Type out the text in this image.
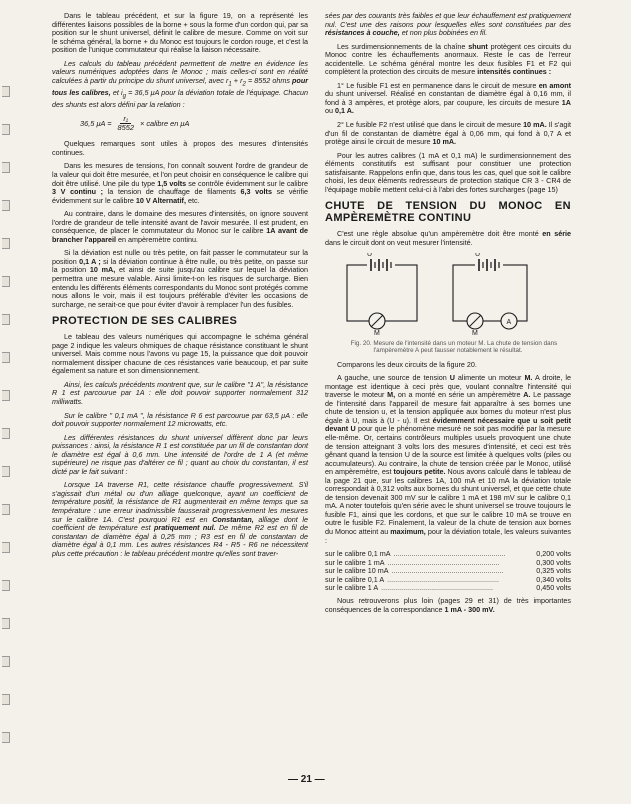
Dans le tableau précédent, et sur la figure 19, on a représenté les différentes liaisons possibles de la borne + sous la forme d'un cordon qui, par sa position sur le shunt universel, définit le calibre de mesure. Comme on voit sur le schéma général, la borne + du Monoc est toujours le cordon rouge, et c'est la position de l'unique commutateur qui réalise la liaison nécessaire.

Les calculs du tableau précédent permettent de mettre en évidence les valeurs numériques adoptées dans le Monoc ; mais celles-ci sont en réalité calculées à partir du principe du shunt universel, avec $r_1 + r_2 = 8552$ ohms pour tous les calibres, et $i_g = 36,5$ μA pour la déviation totale de l'équipage. Chacun des shunts est alors défini par la relation :

36,5 $\mu A = \frac{\text{r₁}}{8552}$ × calibre en μA

Quelques remarques sont utiles à propos des mesures d'intensités continues.

Dans les mesures de tensions, l'on connaît souvent l'ordre de grandeur de la valeur qui doit être mesurée, et l'on peut choisir en conséquence le calibre qui doit être utilisé. Une pile du type 1,5 volts se contrôle évidemment sur le calibre 3 V continu ; la tension de chauffage de filaments 6,3 volts se vérifie évidemment sur le calibre 10 V Alternatif, etc.

Au contraire, dans le domaine des mesures d'intensités, on ignore souvent l'ordre de grandeur de telle intensité avant de l'avoir mesurée. Il est prudent, en conséquence, de placer le commutateur du Monoc sur le calibre 1A avant de brancher l'appareil en ampèremètre continu.

Si la déviation est nulle ou très petite, on fait passer le commutateur sur la position 0,1 A ; si la déviation continue à être nulle, ou très petite, on passe sur la position 10 mA, et ainsi de suite jusqu'au calibre sur lequel la déviation permettra une mesure valable. Ainsi limite-t-on les risques de surcharge. Bien entendu les différents éléments correspondants du Monoc sont protégés comme nous allons le voir, mais il est toujours préférable d'éviter les occasions de surcharge, ne serait-ce que pour éviter d'avoir à remplacer l'un des fusibles.

PROTECTION DE SES CALIBRES

Le tableau des valeurs numériques qui accompagne le schéma général page 2 indique les valeurs ohmiques de chaque résistance constituant le shunt universel. Mais comme nous l'avons vu page 15, la puissance que doit pouvoir normalement dissiper chacune de ces résistances varie beaucoup, et par suite également sa nature et son dimensionnement.

Ainsi, les calculs précédents montrent que, sur le calibre "1 A", la résistance R 1 est parcourue par 1A : elle doit pouvoir supporter normalement 312 milliwatts.

Sur le calibre " 0,1 mA ", la résistance R 6 est parcourue par 63,5 μA : elle doit pouvoir supporter normalement 12 microwatts, etc.

Les différentes résistances du shunt universel diffèrent donc par leurs puissances : ainsi, la résistance R 1 est constituée par un fil de constantan dont le diamètre est égal à 0,6 mm. Une intensité de l'ordre de 1 A (et même supérieure) ne risque pas d'altérer ce fil ; quant au choix du constantan, il est dicté par le fait suivant :

Lorsque 1A traverse R1, cette résistance chauffe progressivement. S'il s'agissait d'un métal ou d'un alliage quelconque, ayant un coefficient de température positif, la résistance de R1 augmenterait en même temps que sa température : une erreur inadmissible fausserait progressivement les mesures sur le calibre 1A. C'est pourquoi R1 est en Constantan, alliage dont le coefficient de température est pratiquement nul. De même R2 est en fil de constantan de diamètre égal à 0,25 mm ; R3 est en fil de constantan de diamètre égal à 0,1 mm. Les autres résistances R4 - R5 - R6 ne nécessitent plus cette précaution : le tableau précédent montre qu'elles sont traver-

sées par des courants très faibles et que leur échauffement est pratiquement nul. C'est une des raisons pour lesquelles elles sont constituées par des résistances à couche, et non plus bobinées en fil.

Les surdimensionnements de la chaîne shunt protègent ces circuits du Monoc contre les échauffements anormaux. Reste le cas de l'erreur accidentelle. Le schéma général montre les deux fusibles F1 et F2 qui complètent la protection des circuits de mesure intensités continues :

1° Le fusible F1 est en permanence dans le circuit de mesure en amont du shunt universel. Réalisé en constantan de diamètre égal à 0,16 mm, il fond à 3 ampères, et protège alors, par coupure, les circuits de mesure 1A ou 0,1 A.

2° Le fusible F2 n'est utilisé que dans le circuit de mesure 10 mA. Il s'agit d'un fil de constantan de diamètre égal à 0,06 mm, qui fond à 0,7 A et protège ainsi le circuit de mesure 10 mA.

Pour les autres calibres (1 mA et 0,1 mA) le surdimensionnement des éléments constitutifs est suffisant pour constituer une protection satisfaisante. Rappelons enfin que, dans tous les cas, quel que soit le calibre choisi, les deux éléments redresseurs de protection statique CR 3 - CR4 de l'équipage mobile mettent celui-ci à l'abri des fortes surcharges (page 15)

CHUTE DE TENSION DU MONOC EN AMPÈREMÈTRE CONTINU

C'est une règle absolue qu'un ampèremètre doit être monté en série dans le circuit dont on veut mesurer l'intensité.

U	U
M	M
A

Fig. 20. Mesure de l'intensité dans un moteur M. La chute de tension dans l'ampèremètre A peut fausser notablement le résultat.

Comparons les deux circuits de la figure 20.

A gauche, une source de tension U alimente un moteur M. A droite, le montage est identique à ceci près que, voulant connaître l'intensité qui traverse le moteur M, on a monté en série un ampèremètre A. Le passage de l'intensité dans l'appareil de mesure fait apparaître à ses bornes une chute de tension u, et la tension appliquée aux bornes du moteur n'est plus égale à U, mais à (U - u). Il est évidemment nécessaire que u soit petit devant U pour que le phénomène mesuré ne soit pas modifié par la mesure elle-même. Or, certains contrôleurs multiples usuels provoquent une chute de tension atteignant 3 volts lors des mesures d'intensité, et ceci est très gênant quand la tension U de la source est limitée à quelques volts (piles ou accumulateurs). Au contraire, la chute de tension créée par le Monoc, utilisé en ampèremètre, est toujours petite. Nous avons calculé dans le tableau de la page 21 que, sur les calibres 1A, 100 mA et 10 mA la déviation totale correspondait à 0,312 volts aux bornes du shunt universel, et que cette chute de tension devenait 300 mV sur le calibre 1 mA et 198 mV sur le calibre 0,1 mA. A noter toutefois qu'en série avec le shunt universel se trouve toujours le fusible F1, ainsi que les cordons, et que sur le calibre 10 mA se trouve en outre le fusible F2. Finalement, la valeur de la chute de tension aux bornes du Monoc atteint au maximum, pour la déviation totale, les valeurs suivantes :

sur le calibre 0,1 mA ........................................................	0,200 volts
sur le calibre 1 mA ........................................................	0,300 volts
sur le calibre 10 mA ........................................................	0,325 volts
sur le calibre 0,1 A ........................................................	0,340 volts
sur le calibre 1 A ........................................................	0,450 volts

Nous retrouverons plus loin (pages 29 et 31) de très importantes conséquences de la correspondance 1 mA - 300 mV.

— 21 —
